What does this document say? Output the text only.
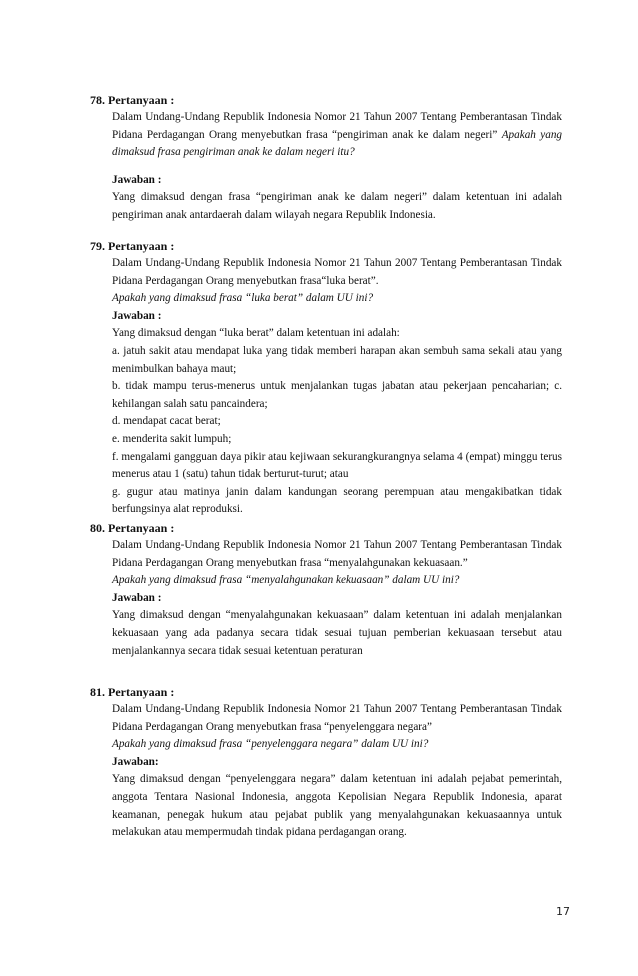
78. Pertanyaan :

Dalam Undang-Undang Republik Indonesia Nomor 21 Tahun 2007 Tentang Pemberantasan Tindak Pidana Perdagangan Orang menyebutkan frasa “pengiriman anak ke dalam negeri” Apakah yang dimaksud frasa pengiriman anak ke dalam negeri itu?

Jawaban :

Yang dimaksud dengan frasa “pengiriman anak ke dalam negeri” dalam ketentuan ini adalah pengiriman anak antardaerah dalam wilayah negara Republik Indonesia.

79. Pertanyaan :

Dalam Undang-Undang Republik Indonesia Nomor 21 Tahun 2007 Tentang Pemberantasan Tindak Pidana Perdagangan Orang menyebutkan frasa“luka berat”.

Apakah yang dimaksud frasa “luka berat” dalam UU ini?

Jawaban :

Yang dimaksud dengan “luka berat” dalam ketentuan ini adalah:

a. jatuh sakit atau mendapat luka yang tidak memberi harapan akan sembuh sama sekali atau yang menimbulkan bahaya maut;

b. tidak mampu terus-menerus untuk menjalankan tugas jabatan atau pekerjaan pencaharian; c. kehilangan salah satu pancaindera;

d. mendapat cacat berat;

e. menderita sakit lumpuh;

f. mengalami gangguan daya pikir atau kejiwaan sekurangkurangnya selama 4 (empat) minggu terus menerus atau 1 (satu) tahun tidak berturut-turut; atau

g. gugur atau matinya janin dalam kandungan seorang perempuan atau mengakibatkan tidak berfungsinya alat reproduksi.

80. Pertanyaan :

Dalam Undang-Undang Republik Indonesia Nomor 21 Tahun 2007 Tentang Pemberantasan Tindak Pidana Perdagangan Orang menyebutkan frasa “menyalahgunakan kekuasaan.”

Apakah yang dimaksud frasa “menyalahgunakan kekuasaan” dalam UU ini?

Jawaban :

Yang dimaksud dengan “menyalahgunakan kekuasaan” dalam ketentuan ini adalah menjalankan kekuasaan yang ada padanya secara tidak sesuai tujuan pemberian kekuasaan tersebut atau menjalankannya secara tidak sesuai ketentuan peraturan

81. Pertanyaan :

Dalam Undang-Undang Republik Indonesia Nomor 21 Tahun 2007 Tentang Pemberantasan Tindak Pidana Perdagangan Orang menyebutkan frasa “penyelenggara negara”

Apakah yang dimaksud frasa “penyelenggara negara” dalam UU ini?

Jawaban:

Yang dimaksud dengan “penyelenggara negara” dalam ketentuan ini adalah pejabat pemerintah, anggota Tentara Nasional Indonesia, anggota Kepolisian Negara Republik Indonesia, aparat keamanan, penegak hukum atau pejabat publik yang menyalahgunakan kekuasaannya untuk melakukan atau mempermudah tindak pidana perdagangan orang.

17
